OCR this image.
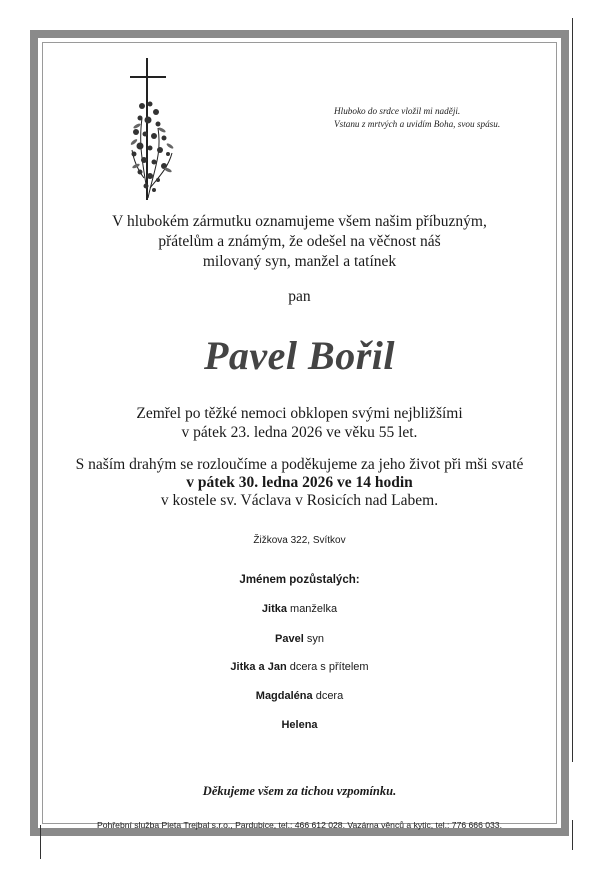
Hluboko do srdce vložil mi naději.
Vstanu z mrtvých a uvidím Boha, svou spásu.
V hlubokém zármutku oznamujeme všem našim příbuzným,
přátelům a známým, že odešel na věčnost náš
milovaný syn, manžel a tatínek
pan
Pavel Bořil
Zemřel po těžké nemoci obklopen svými nejbližšími
v pátek 23. ledna 2026 ve věku 55 let.
S naším drahým se rozloučíme a poděkujeme za jeho život při mši svaté
v pátek 30. ledna 2026 ve 14 hodin
v kostele sv. Václava v Rosicích nad Labem.
Žižkova 322, Svítkov
Jménem pozůstalých:
Jitka manželka
Pavel syn
Jitka a Jan dcera s přítelem
Magdaléna dcera
Helena
Děkujeme všem za tichou vzpomínku.
Pohřební služba Pieta Trejbal s.r.o., Pardubice, tel.: 466 612 028. Vazárna věnců a kytic, tel.: 776 666 033.
